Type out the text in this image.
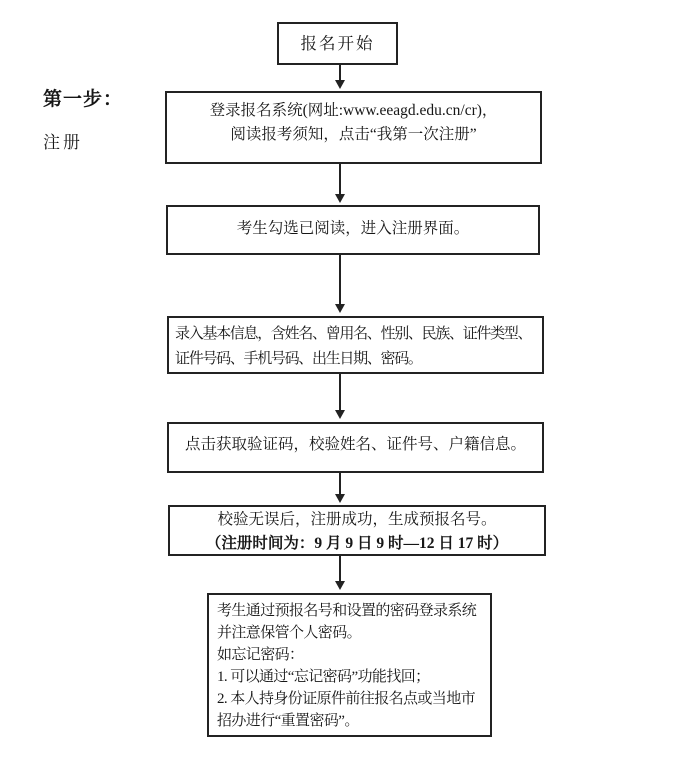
第一步：
注册
报名开始
登录报名系统(网址:www.eeagd.edu.cn/cr)，
阅读报考须知，点击“我第一次注册”
考生勾选已阅读，进入注册界面。
录入基本信息，含姓名、曾用名、性别、民族、证件类型、
证件号码、手机号码、出生日期、密码。
点击获取验证码，校验姓名、证件号、户籍信息。
校验无误后，注册成功，生成预报名号。
（注册时间为：9 月 9 日 9 时—12 日 17 时）
考生通过预报名号和设置的密码登录系统
并注意保管个人密码。
如忘记密码：
1. 可以通过“忘记密码”功能找回；
2. 本人持身份证原件前往报名点或当地市
招办进行“重置密码”。
